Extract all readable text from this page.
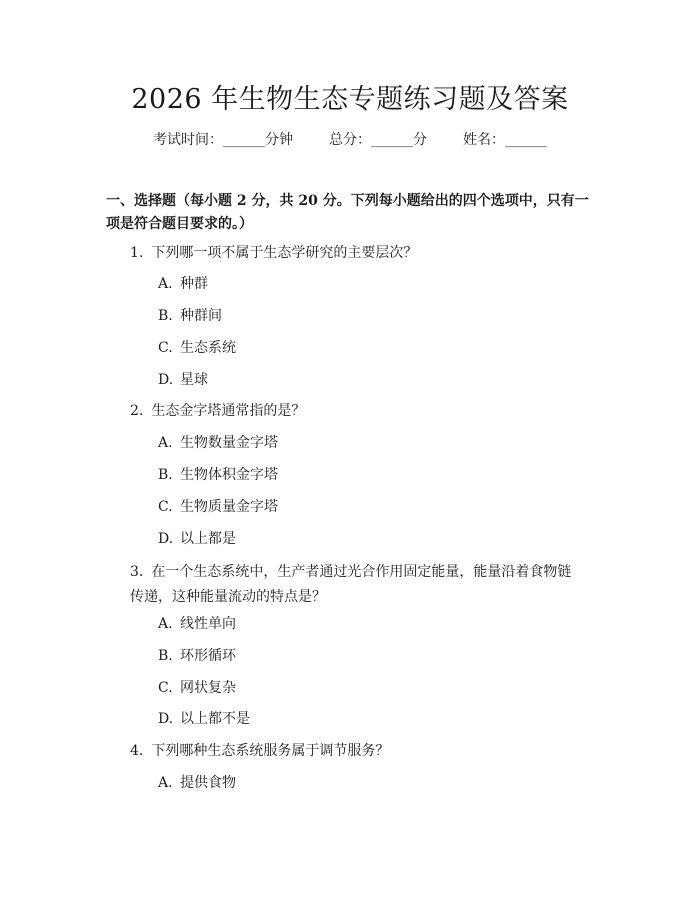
2026 年生物生态专题练习题及答案
考试时间：______分钟	总分：______分	姓名：______
一、选择题（每小题 2 分，共 20 分。下列每小题给出的四个选项中，只有一项是符合题目要求的。）
1. 下列哪一项不属于生态学研究的主要层次？
A. 种群
B. 种群间
C. 生态系统
D. 星球
2. 生态金字塔通常指的是？
A. 生物数量金字塔
B. 生物体积金字塔
C. 生物质量金字塔
D. 以上都是
3. 在一个生态系统中，生产者通过光合作用固定能量，能量沿着食物链传递，这种能量流动的特点是？
A. 线性单向
B. 环形循环
C. 网状复杂
D. 以上都不是
4. 下列哪种生态系统服务属于调节服务？
A. 提供食物
